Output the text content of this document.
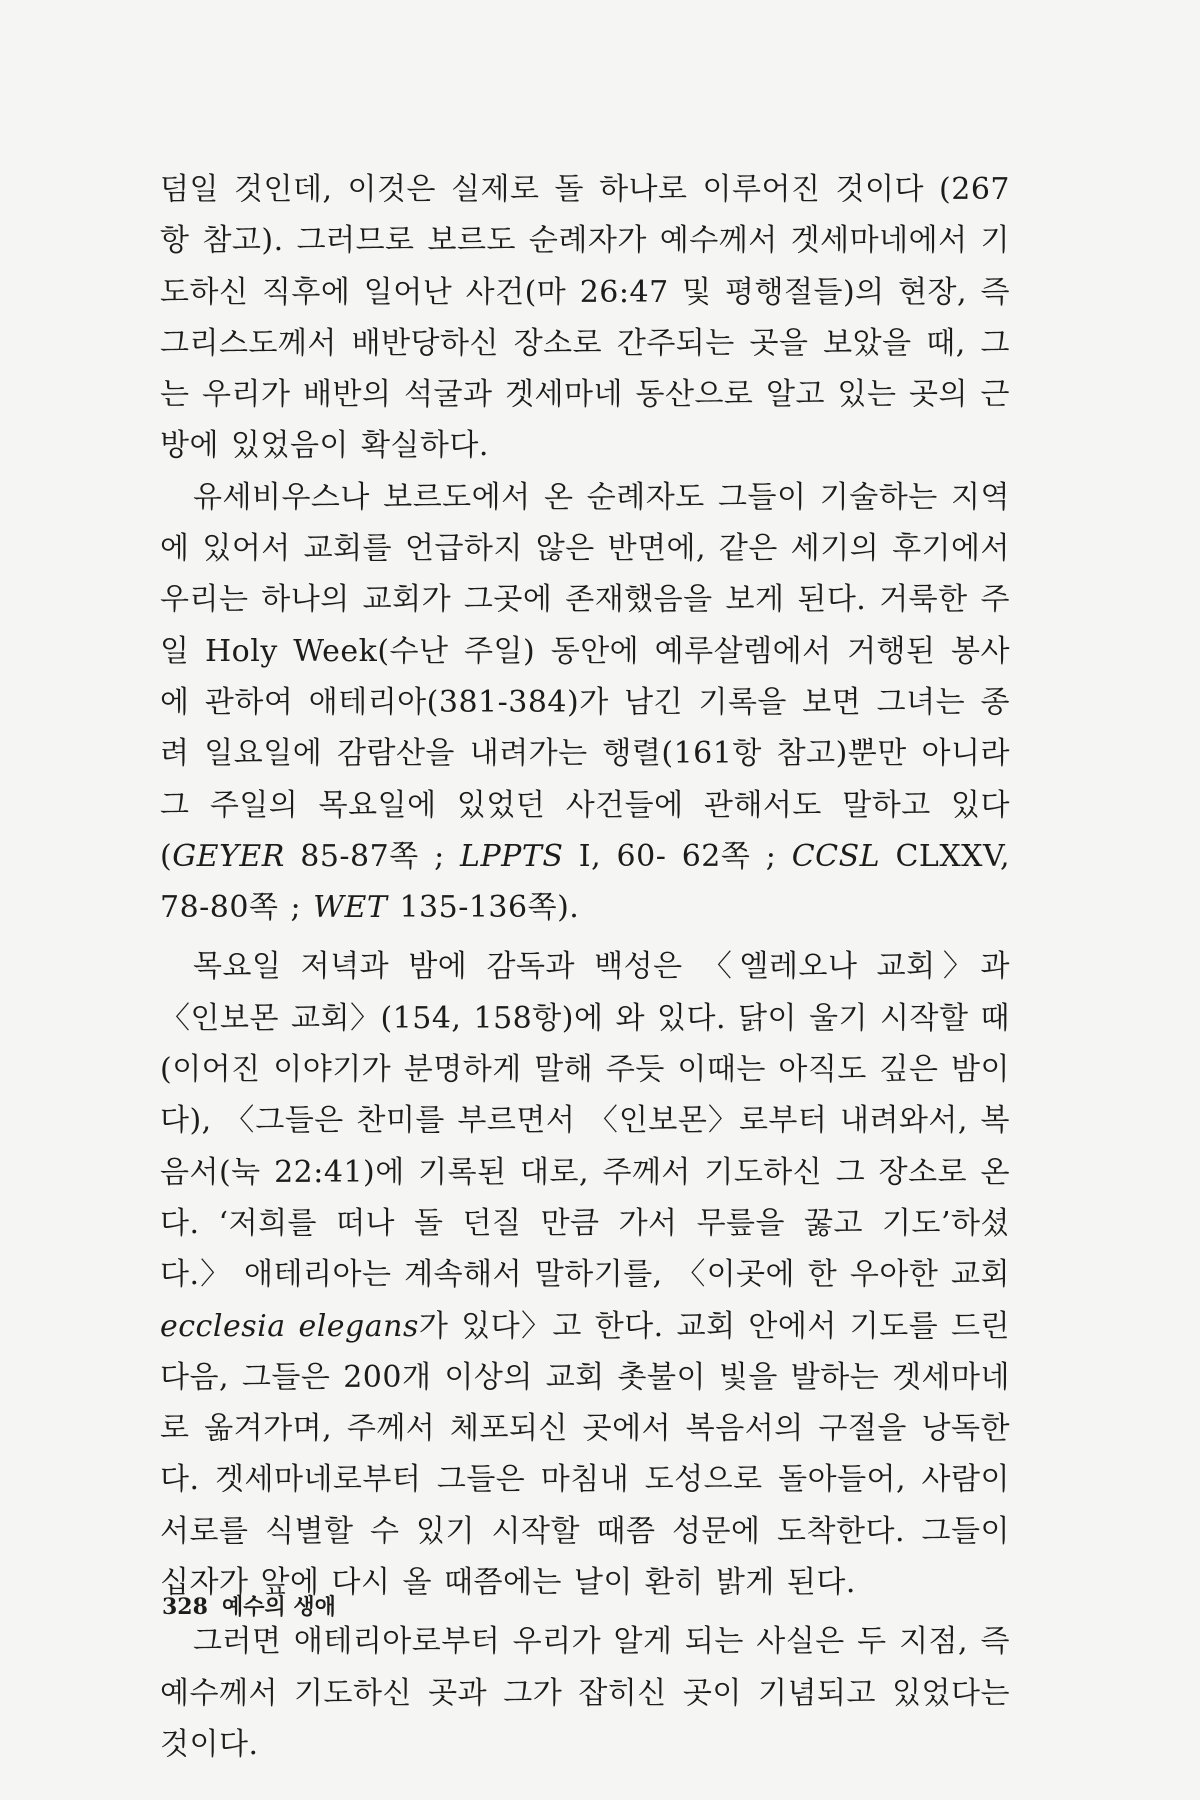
덤일 것인데, 이것은 실제로 돌 하나로 이루어진 것이다 (267항 참고). 그러므로 보르도 순례자가 예수께서 겟세마네에서 기도하신 직후에 일어난 사건(마 26:47 및 평행절들)의 현장, 즉 그리스도께서 배반당하신 장소로 간주되는 곳을 보았을 때, 그는 우리가 배반의 석굴과 겟세마네 동산으로 알고 있는 곳의 근방에 있었음이 확실하다.

유세비우스나 보르도에서 온 순례자도 그들이 기술하는 지역에 있어서 교회를 언급하지 않은 반면에, 같은 세기의 후기에서 우리는 하나의 교회가 그곳에 존재했음을 보게 된다. 거룩한 주일 Holy Week(수난 주일) 동안에 예루살렘에서 거행된 봉사에 관하여 애테리아(381-384)가 남긴 기록을 보면 그녀는 종려 일요일에 감람산을 내려가는 행렬(161항 참고)뿐만 아니라 그 주일의 목요일에 있었던 사건들에 관해서도 말하고 있다(GEYER 85-87쪽 ; LPPTS I, 60- 62쪽 ; CCSL CLXXV, 78-80쪽 ; WET 135-136쪽).

목요일 저녁과 밤에 감독과 백성은 〈엘레오나 교회〉과 〈인보몬 교회〉(154, 158항)에 와 있다. 닭이 울기 시작할 때(이어진 이야기가 분명하게 말해 주듯 이때는 아직도 깊은 밤이다), 〈그들은 찬미를 부르면서 〈인보몬〉로부터 내려와서, 복음서(눅 22:41)에 기록된 대로, 주께서 기도하신 그 장소로 온다. ‘저희를 떠나 돌 던질 만큼 가서 무릎을 꿇고 기도’하셨다.〉 애테리아는 계속해서 말하기를, 〈이곳에 한 우아한 교회 ecclesia elegans가 있다〉고 한다. 교회 안에서 기도를 드린 다음, 그들은 200개 이상의 교회 촛불이 빛을 발하는 겟세마네로 옮겨가며, 주께서 체포되신 곳에서 복음서의 구절을 낭독한다. 겟세마네로부터 그들은 마침내 도성으로 돌아들어, 사람이 서로를 식별할 수 있기 시작할 때쯤 성문에 도착한다. 그들이 십자가 앞에 다시 올 때쯤에는 날이 환히 밝게 된다.

그러면 애테리아로부터 우리가 알게 되는 사실은 두 지점, 즉 예수께서 기도하신 곳과 그가 잡히신 곳이 기념되고 있었다는 것이다.

328 예수의 생애
